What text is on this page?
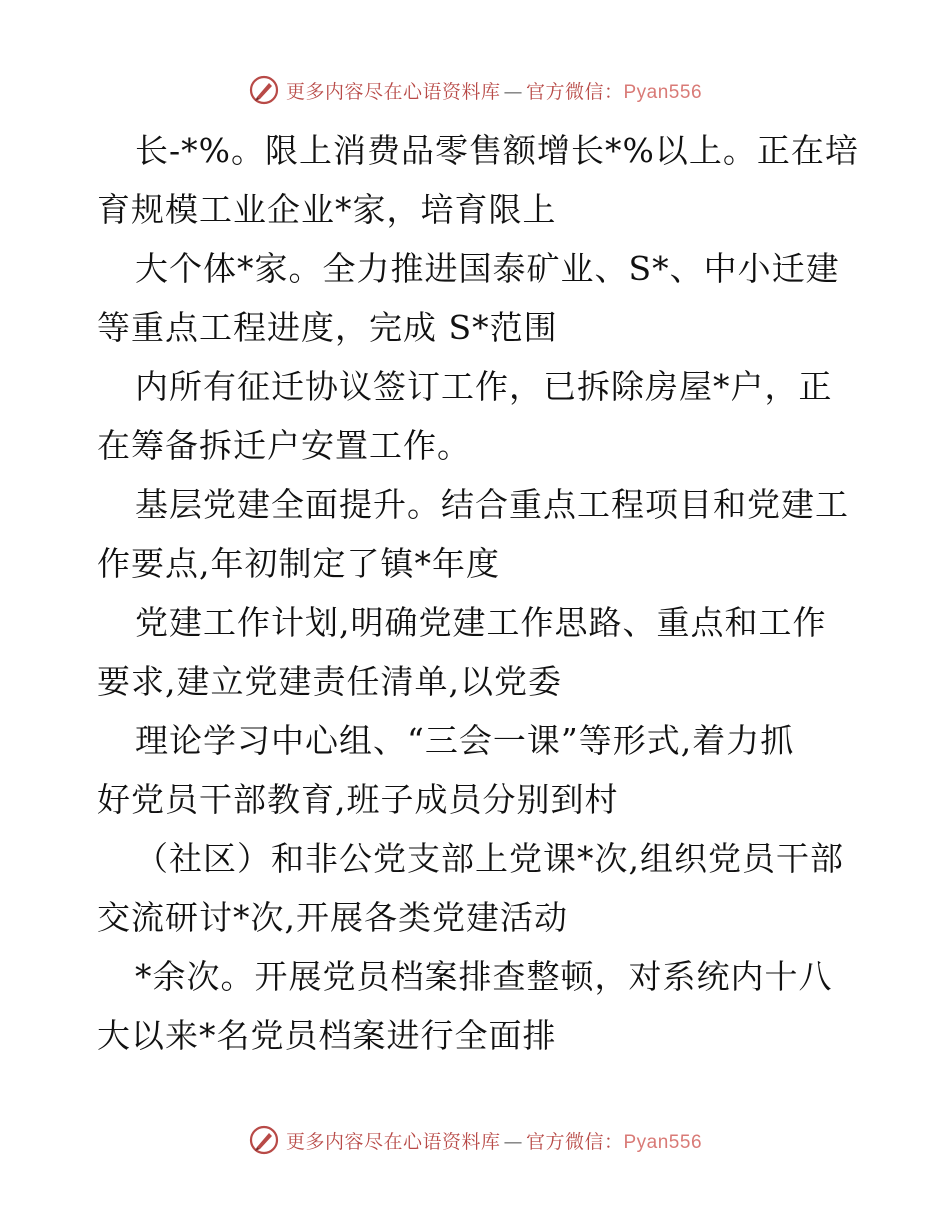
更多内容尽在心语资料库 — 官方微信：Pyan556
长-*%。限上消费品零售额增长*%以上。正在培
育规模工业企业*家，培育限上
大个体*家。全力推进国泰矿业、S*、中小迁建
等重点工程进度，完成 S*范围
内所有征迁协议签订工作，已拆除房屋*户，正
在筹备拆迁户安置工作。
基层党建全面提升。结合重点工程项目和党建工
作要点,年初制定了镇*年度
党建工作计划,明确党建工作思路、重点和工作
要求,建立党建责任清单,以党委
理论学习中心组、“三会一课”等形式,着力抓
好党员干部教育,班子成员分别到村
（社区）和非公党支部上党课*次,组织党员干部
交流研讨*次,开展各类党建活动
*余次。开展党员档案排查整顿，对系统内十八
大以来*名党员档案进行全面排
更多内容尽在心语资料库 — 官方微信：Pyan556
